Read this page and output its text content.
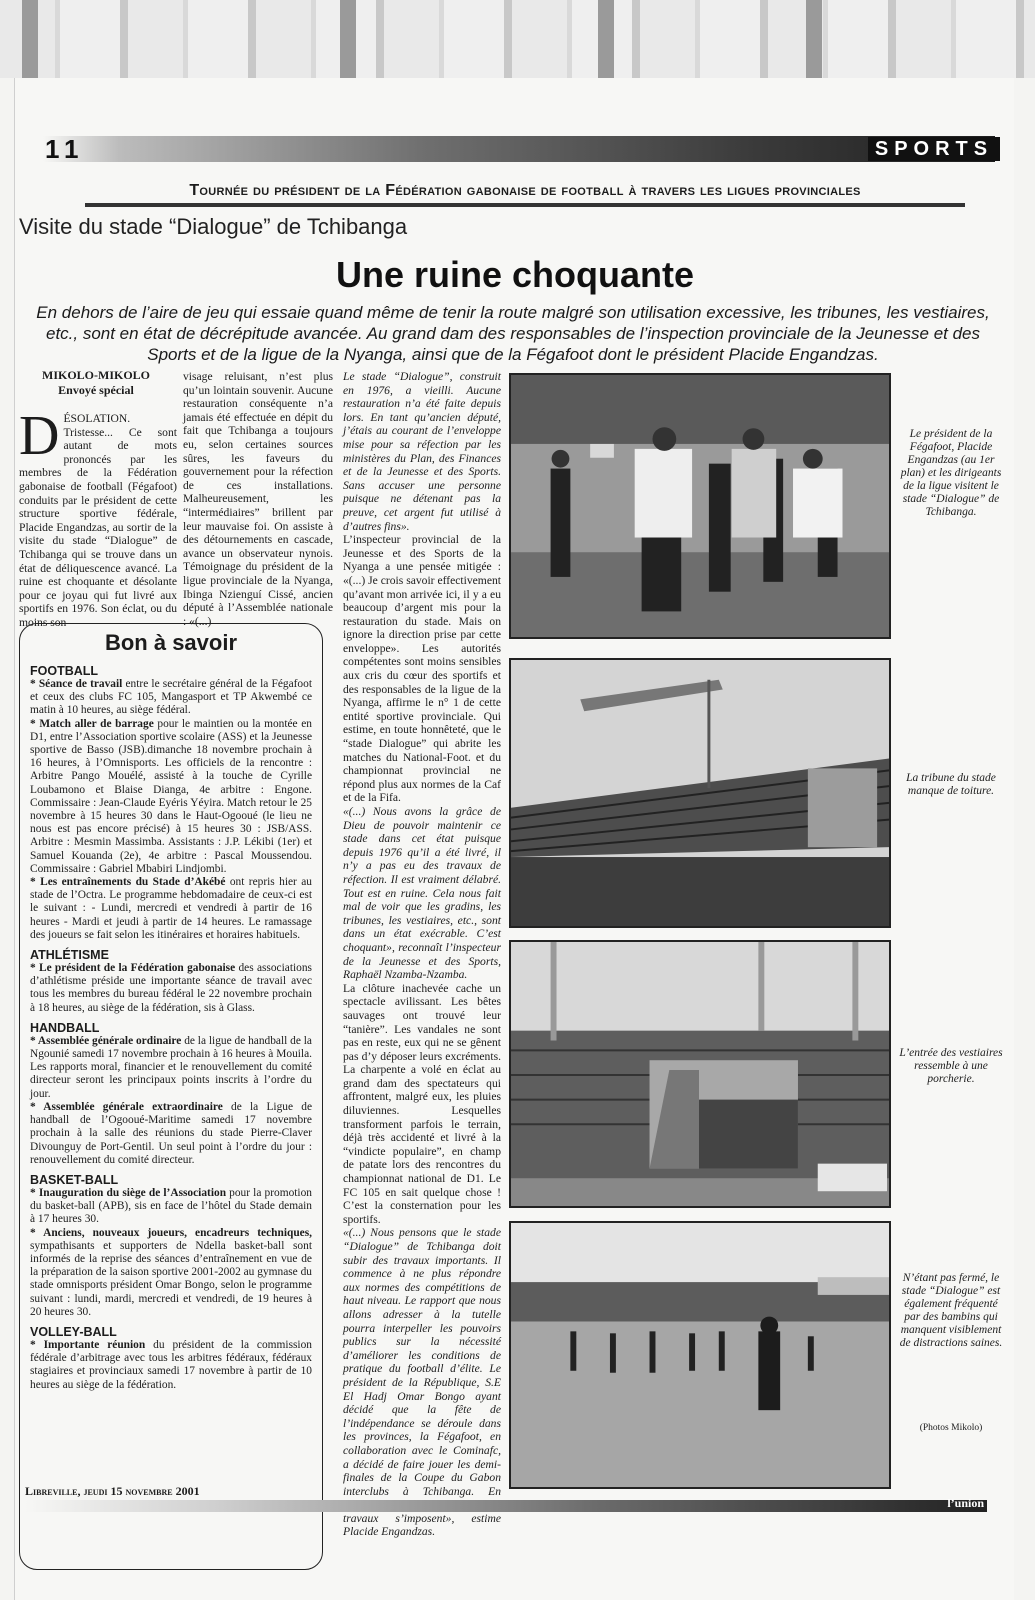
11	SPORTS
Tournée du président de la Fédération gabonaise de football à travers les ligues provinciales
Visite du stade “Dialogue” de Tchibanga
Une ruine choquante

En dehors de l’aire de jeu qui essaie quand même de tenir la route malgré son utilisation excessive, les tribunes, les vestiaires, etc., sont en état de décrépitude avancée. Au grand dam des responsables de l’inspection provinciale de la Jeunesse et des Sports et de la ligue de la Nyanga, ainsi que de la Fégafoot dont le président Placide Engandzas.

MIKOLO-MIKOLO
Envoyé spécial
DÉSOLATION. Tristesse... Ce sont autant de mots prononcés par les membres de la Fédération gabonaise de football (Fégafoot) conduits par le président de cette structure sportive fédérale, Placide Engandzas, au sortir de la visite du stade “Dialogue” de Tchibanga qui se trouve dans un état de déliquescence avancé. La ruine est choquante et désolante pour ce joyau qui fut livré aux sportifs en 1976. Son éclat, ou du moins son
visage reluisant, n’est plus qu’un lointain souvenir. Aucune restauration conséquente n’a jamais été effectuée en dépit du fait que Tchibanga a toujours eu, selon certaines sources sûres, les faveurs du gouvernement pour la réfection de ces installations. Malheureusement, les “intermédiaires” brillent par leur mauvaise foi. On assiste à des détournements en cascade, avance un observateur nynois. Témoignage du président de la ligue provinciale de la Nyanga, Ibinga Nzienguí Cissé, ancien député à l’Assemblée nationale : «(...)

Le stade “Dialogue”, construit en 1976, a vieilli. Aucune restauration n’a été faite depuis lors. En tant qu’ancien député, j’étais au courant de l’enveloppe mise pour sa réfection par les ministères du Plan, des Finances et de la Jeunesse et des Sports. Sans accuser une personne puisque ne détenant pas la preuve, cet argent fut utilisé à d’autres fins».

L’inspecteur provincial de la Jeunesse et des Sports de la Nyanga a une pensée mitigée : «(...) Je crois savoir effectivement qu’avant mon arrivée ici, il y a eu beaucoup d’argent mis pour la restauration du stade. Mais on ignore la direction prise par cette enveloppe». Les autorités compétentes sont moins sensibles aux cris du cœur des sportifs et des responsables de la ligue de la Nyanga, affirme le n° 1 de cette entité sportive provinciale. Qui estime, en toute honnêteté, que le “stade Dialogue” qui abrite les matches du National-Foot. et du championnat provincial ne répond plus aux normes de la Caf et de la Fifa.

«(...) Nous avons la grâce de Dieu de pouvoir maintenir ce stade dans cet état puisque depuis 1976 qu’il a été livré, il n’y a pas eu des travaux de réfection. Il est vraiment délabré. Tout est en ruine. Cela nous fait mal de voir que les gradins, les tribunes, les vestiaires, etc., sont dans un état exécrable. C’est choquant», reconnaît l’inspecteur de la Jeunesse et des Sports, Raphaël Nzamba-Nzamba.

La clôture inachevée cache un spectacle avilissant. Les bêtes sauvages ont trouvé leur “tanière”. Les vandales ne sont pas en reste, eux qui ne se gênent pas d’y déposer leurs excréments. La charpente a volé en éclat au grand dam des spectateurs qui affrontent, malgré eux, les pluies diluviennes. Lesquelles transforment parfois le terrain, déjà très accidenté et livré à la “vindicte populaire”, en champ de patate lors des rencontres du championnat national de D1. Le FC 105 en sait quelque chose ! C’est la consternation pour les sportifs.

«(...) Nous pensons que le stade “Dialogue” de Tchibanga doit subir des travaux importants. Il commence à ne plus répondre aux normes des compétitions de haut niveau. Le rapport que nous allons adresser à la tutelle pourra interpeller les pouvoirs publics sur la nécessité d’améliorer les conditions de pratique du football d’élite. Le président de la République, S.E El Hadj Omar Bongo ayant décidé que la fête de l’indépendance se déroule dans les provinces, la Fégafoot, en collaboration avec le Cominafc, a décidé de faire jouer les demi-finales de la Coupe du Gabon interclubs à Tchibanga. En travaux s’imposent», estime Placide Engandzas.

Bon à savoir
FOOTBALL

* Séance de travail entre le secrétaire général de la Fégafoot et ceux des clubs FC 105, Mangasport et TP Akwembé ce matin à 10 heures, au siège fédéral.

* Match aller de barrage pour le maintien ou la montée en D1, entre l’Association sportive scolaire (ASS) et la Jeunesse sportive de Basso (JSB).dimanche 18 novembre prochain à 16 heures, à l’Omnisports. Les officiels de la rencontre : Arbitre Pango Mouélé, assisté à la touche de Cyrille Loubamono et Blaise Dianga, 4e arbitre : Engone. Commissaire : Jean-Claude Eyéris Yéyira. Match retour le 25 novembre à 15 heures 30 dans le Haut-Ogooué (le lieu ne nous est pas encore précisé) à 15 heures 30 : JSB/ASS. Arbitre : Mesmin Massimba. Assistants : J.P. Lékibi (1er) et Samuel Kouanda (2e), 4e arbitre : Pascal Moussendou. Commissaire : Gabriel Mbabiri Lindjombi.

* Les entraînements du Stade d’Akébé ont repris hier au stade de l’Octra. Le programme hebdomadaire de ceux-ci est le suivant : - Lundi, mercredi et vendredi à partir de 16 heures - Mardi et jeudi à partir de 14 heures. Le ramassage des joueurs se fait selon les itinéraires et horaires habituels.

ATHLÉTISME

* Le président de la Fédération gabonaise des associations d’athlétisme préside une importante séance de travail avec tous les membres du bureau fédéral le 22 novembre prochain à 18 heures, au siège de la fédération, sis à Glass.

HANDBALL

* Assemblée générale ordinaire de la ligue de handball de la Ngounié samedi 17 novembre prochain à 16 heures à Mouila. Les rapports moral, financier et le renouvellement du comité directeur seront les principaux points inscrits à l’ordre du jour.

* Assemblée générale extraordinaire de la Ligue de handball de l’Ogooué-Maritime samedi 17 novembre prochain à la salle des réunions du stade Pierre-Claver Divounguy de Port-Gentil. Un seul point à l’ordre du jour : renouvellement du comité directeur.

BASKET-BALL

* Inauguration du siège de l’Association pour la promotion du basket-ball (APB), sis en face de l’hôtel du Stade demain à 17 heures 30.

* Anciens, nouveaux joueurs, encadreurs techniques, sympathisants et supporters de Ndella basket-ball sont informés de la reprise des séances d’entraînement en vue de la préparation de la saison sportive 2001-2002 au gymnase du stade omnisports président Omar Bongo, selon le programme suivant : lundi, mardi, mercredi et vendredi, de 19 heures à 20 heures 30.

VOLLEY-BALL

* Importante réunion du président de la commission fédérale d’arbitrage avec tous les arbitres fédéraux, fédéraux stagiaires et provinciaux samedi 17 novembre à partir de 10 heures au siège de la fédération.

Le président de la Fégafoot, Placide Engandzas (au 1er plan) et les dirigeants de la ligue visitent le stade “Dialogue” de Tchibanga.
La tribune du stade manque de toiture.
L’entrée des vestiaires ressemble à une porcherie.
N’étant pas fermé, le stade “Dialogue” est également fréquenté par des bambins qui manquent visiblement de distractions saines.
(Photos Mikolo)
Libreville, jeudi 15 novembre 2001
l’union
